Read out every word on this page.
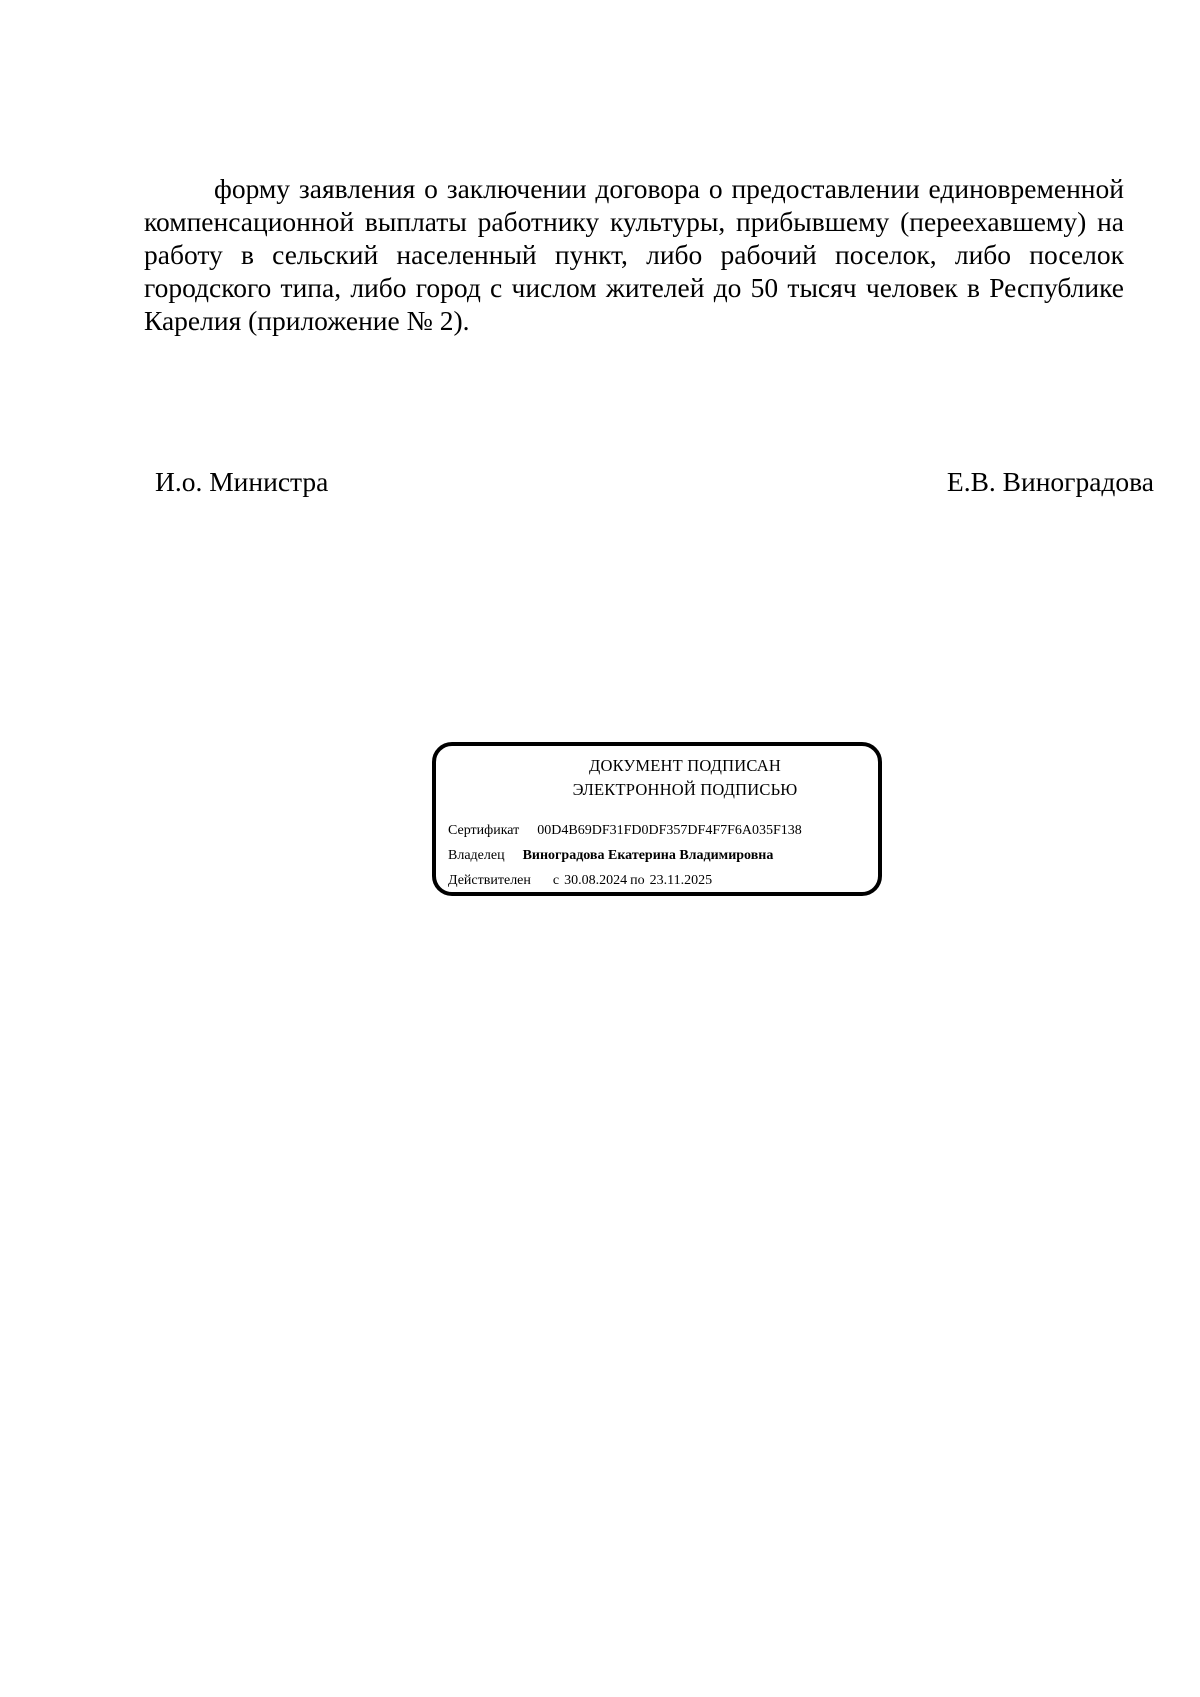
форму заявления о заключении договора о предоставлении единовременной компенсационной выплаты работнику культуры, прибывшему (переехавшему) на работу в сельский населенный пункт, либо рабочий поселок, либо поселок городского типа, либо город с числом жителей до 50 тысяч человек в Республике Карелия (приложение № 2).

И.о. Министра	Е.В. Виноградова
ДОКУМЕНТ ПОДПИСАН
ЭЛЕКТРОННОЙ ПОДПИСЬЮ
Сертификат 00D4B69DF31FD0DF357DF4F7F6A035F138
Владелец Виноградова Екатерина Владимировна
Действителен с 30.08.2024 по 23.11.2025
